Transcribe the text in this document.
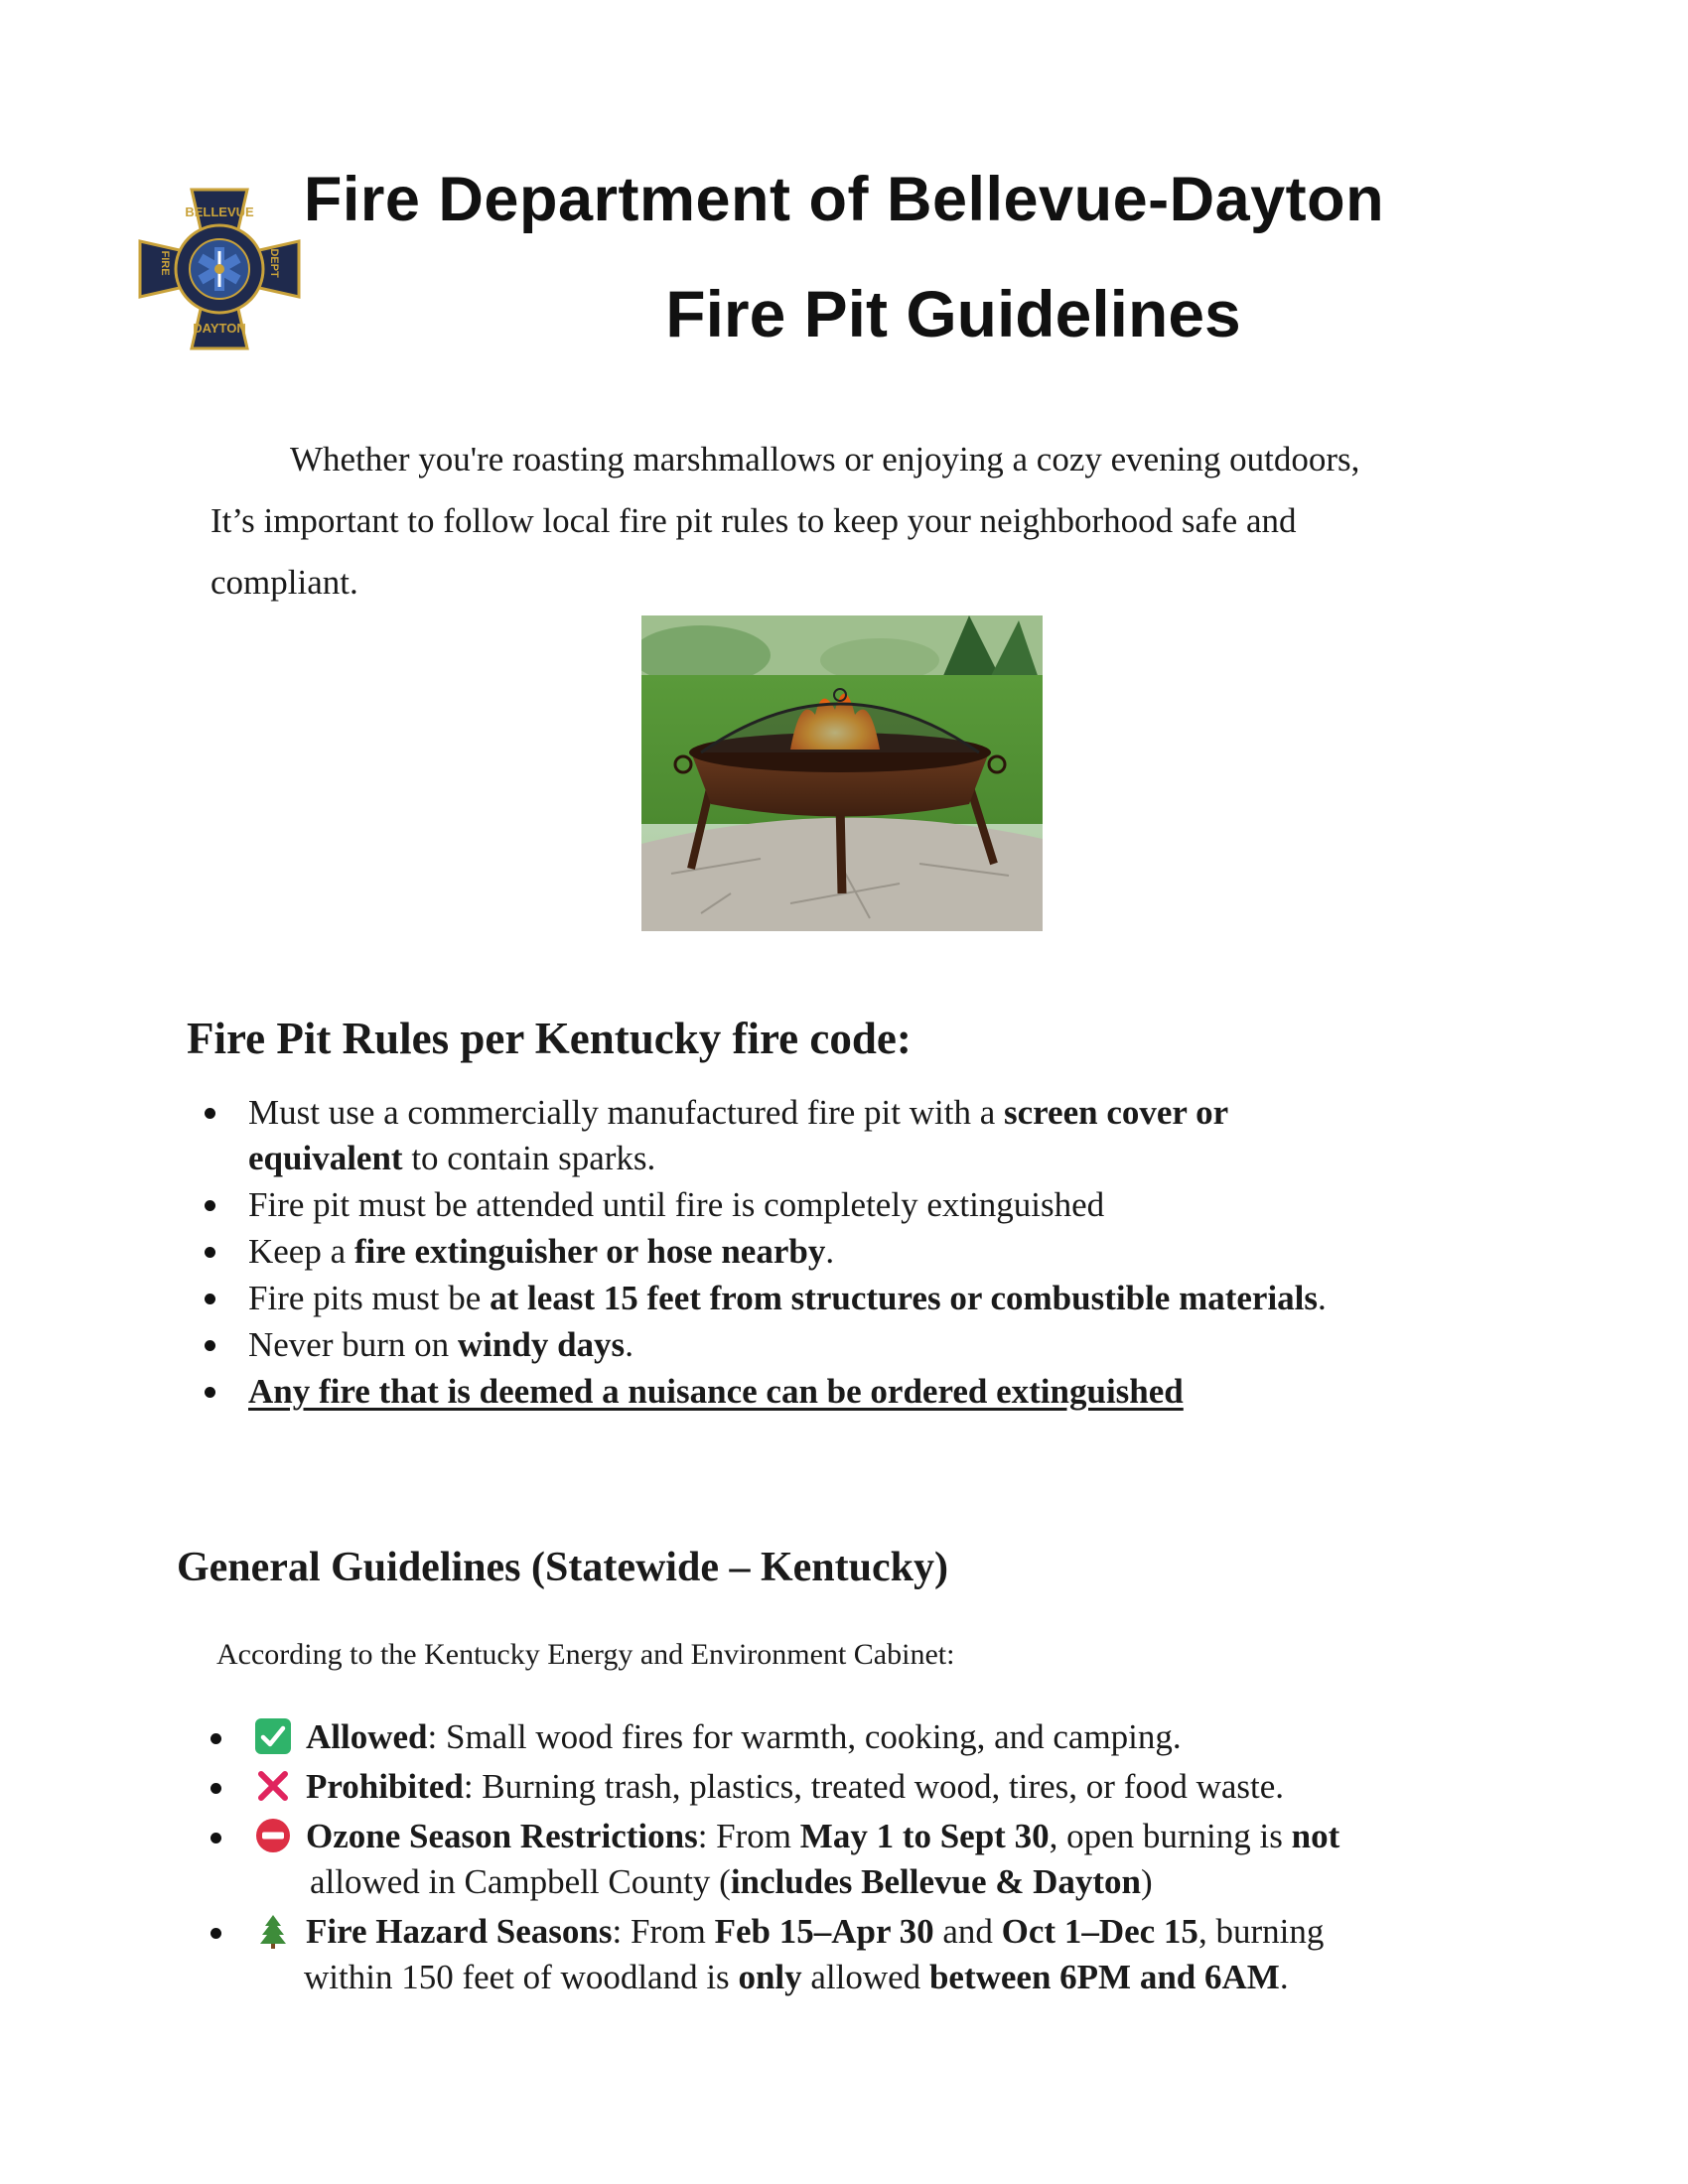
BELLEVUE
DAYTON
FIRE	DEPT
Fire Department of Bellevue-Dayton
Fire Pit Guidelines
Whether you're roasting marshmallows or enjoying a cozy evening outdoors,
It’s important to follow local fire pit rules to keep your neighborhood safe and
compliant.
Fire Pit Rules per Kentucky fire code:
Must use a commercially manufactured fire pit with a screen cover or
equivalent to contain sparks.
Fire pit must be attended until fire is completely extinguished
Keep a fire extinguisher or hose nearby.
Fire pits must be at least 15 feet from structures or combustible materials.
Never burn on windy days.
Any fire that is deemed a nuisance can be ordered extinguished
General Guidelines (Statewide – Kentucky)
According to the Kentucky Energy and Environment Cabinet:
Allowed: Small wood fires for warmth, cooking, and camping.
Prohibited: Burning trash, plastics, treated wood, tires, or food waste.
Ozone Season Restrictions: From May 1 to Sept 30, open burning is not
allowed in Campbell County (includes Bellevue & Dayton)
Fire Hazard Seasons: From Feb 15–Apr 30 and Oct 1–Dec 15, burning
within 150 feet of woodland is only allowed between 6PM and 6AM.
